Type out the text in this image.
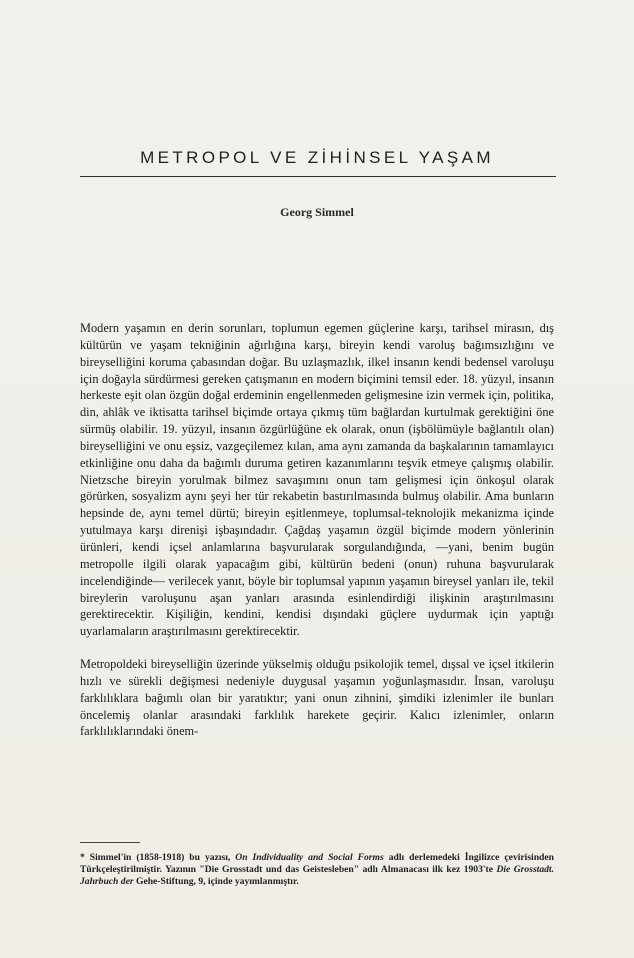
METROPOL VE ZİHİNSEL YAŞAM
Georg Simmel

Modern yaşamın en derin sorunları, toplumun egemen güçlerine karşı, tarihsel mirasın, dış kültürün ve yaşam tekniğinin ağırlığına karşı, bireyin kendi varoluş bağımsızlığını ve bireyselliğini koruma çabasından doğar. Bu uzlaşmazlık, ilkel insanın kendi bedensel varoluşu için doğayla sürdürmesi gereken çatışmanın en modern biçimini temsil eder. 18. yüzyıl, insanın herkeste eşit olan özgün doğal erdeminin engellenmeden gelişmesine izin vermek için, politika, din, ahlâk ve iktisatta tarihsel biçimde ortaya çıkmış tüm bağlardan kurtulmak gerektiğini öne sürmüş olabilir. 19. yüzyıl, insanın özgürlüğüne ek olarak, onun (işbölümüyle bağlantılı olan) bireyselliğini ve onu eşsiz, vazgeçilemez kılan, ama aynı zamanda da başkalarının tamamlayıcı etkinliğine onu daha da bağımlı duruma getiren kazanımlarını teşvik etmeye çalışmış olabilir. Nietzsche bireyin yorulmak bilmez savaşımını onun tam gelişmesi için önkoşul olarak görürken, sosyalizm aynı şeyi her tür rekabetin bastırılmasında bulmuş olabilir. Ama bunların hepsinde de, aynı temel dürtü; bireyin eşitlenmeye, toplumsal-teknolojik mekanizma içinde yutulmaya karşı direnişi işbaşındadır. Çağdaş yaşamın özgül biçimde modern yönlerinin ürünleri, kendi içsel anlamlarına başvurularak sorgulandığında, —yani, benim bugün metropolle ilgili olarak yapacağım gibi, kültürün bedeni (onun) ruhuna başvurularak incelendiğinde— verilecek yanıt, böyle bir toplumsal yapının yaşamın bireysel yanları ile, tekil bireylerin varoluşunu aşan yanları arasında esinlendirdiği ilişkinin araştırılmasını gerektirecektir. Kişiliğin, kendini, kendisi dışındaki güçlere uydurmak için yaptığı uyarlamaların araştırılmasını gerektirecektir.

Metropoldeki bireyselliğin üzerinde yükselmiş olduğu psikolojik temel, dışsal ve içsel itkilerin hızlı ve sürekli değişmesi nedeniyle duygusal yaşamın yoğunlaşmasıdır. İnsan, varoluşu farklılıklara bağımlı olan bir yaratıktır; yani onun zihnini, şimdiki izlenimler ile bunları öncelemiş olanlar arasındaki farklılık harekete geçirir. Kalıcı izlenimler, onların farklılıklarındaki önem-

* Simmel'in (1858-1918) bu yazısı, On Individuality and Social Forms adlı derlemedeki İngilizce çevirisinden Türkçeleştirilmiştir. Yazının "Die Grosstadt und das Geistesleben" adlı Almanacası ilk kez 1903'te Die Grosstadt. Jahrbuch der Gehe-Stiftung, 9, içinde yayımlanmıştır.
